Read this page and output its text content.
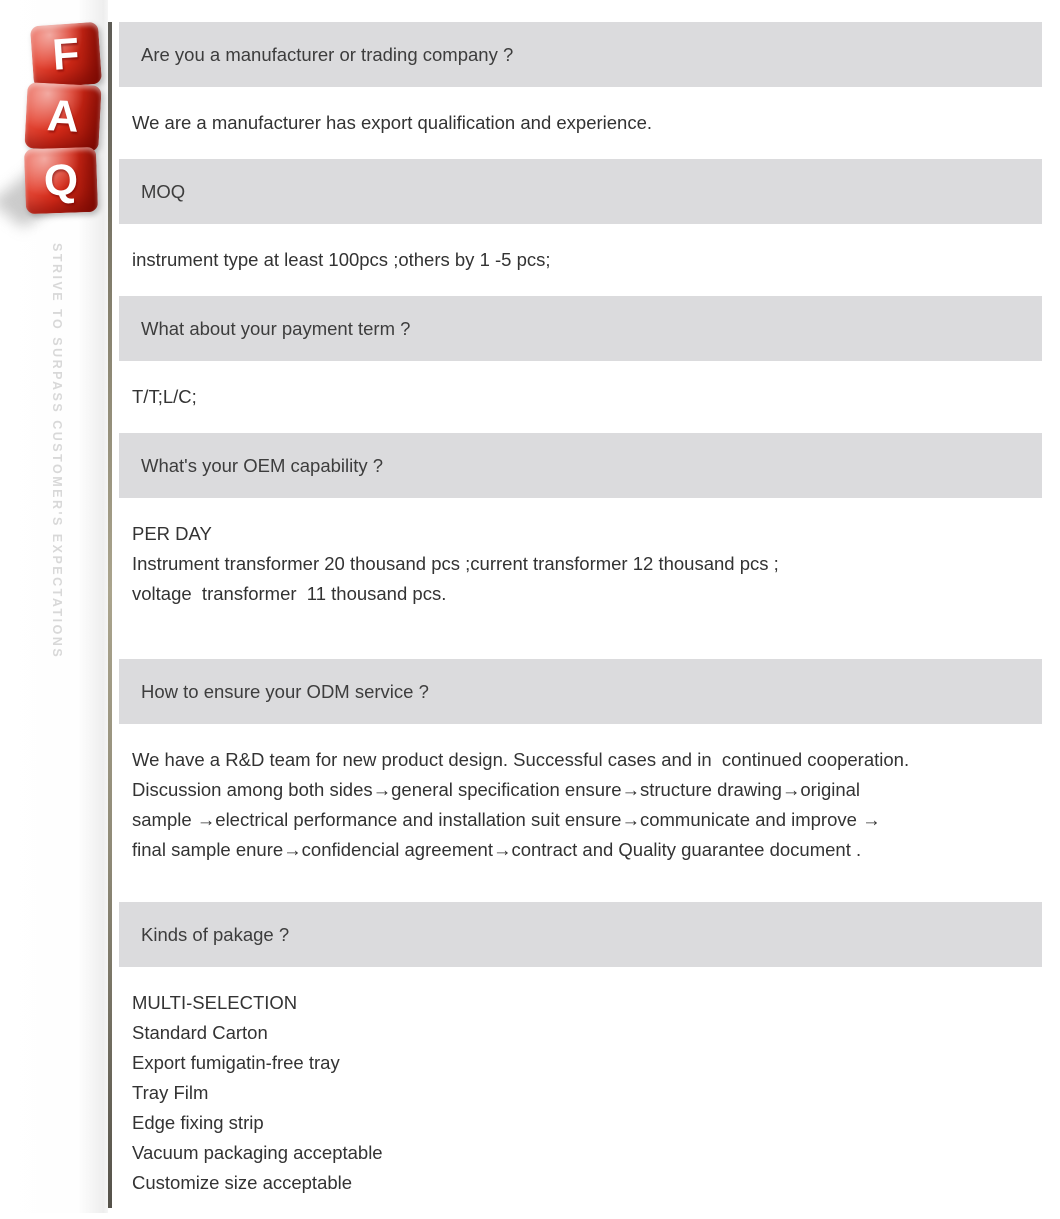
F
A
Q
STRIVE TO SURPASS CUSTOMER'S EXPECTATIONS
Are you a manufacturer or trading company ?
We are a manufacturer has export qualification and experience.
MOQ
instrument type at least 100pcs ;others by 1 -5 pcs;
What about your payment term ?
T/T;L/C;
What's your OEM capability ?
PER DAY
Instrument transformer 20 thousand pcs ;current transformer 12 thousand pcs ;
voltage  transformer  11 thousand pcs.
How to ensure your ODM service ?
We have a R&D team for new product design. Successful cases and in  continued cooperation.
Discussion among both sides→general specification ensure→structure drawing→original
sample →electrical performance and installation suit ensure→communicate and improve →
final sample enure→confidencial agreement→contract and Quality guarantee document .
Kinds of pakage ?
MULTI-SELECTION
Standard Carton
Export fumigatin-free tray
Tray Film
Edge fixing strip
Vacuum packaging acceptable
Customize size acceptable
